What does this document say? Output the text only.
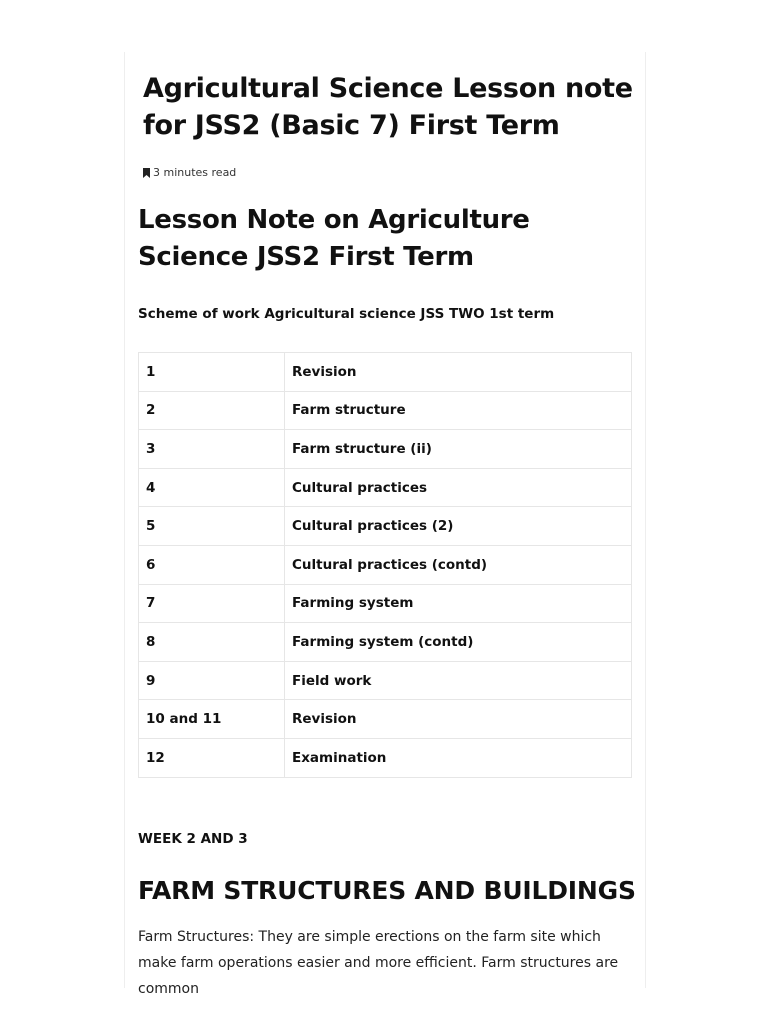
Agricultural Science Lesson note for JSS2 (Basic 7) First Term
3 minutes read
Lesson Note on Agriculture Science JSS2 First Term

Scheme of work Agricultural science JSS TWO 1st term

1	Revision
2	Farm structure
3	Farm structure (ii)
4	Cultural practices
5	Cultural practices (2)
6	Cultural practices (contd)
7	Farming system
8	Farming system (contd)
9	Field work
10 and 11	Revision
12	Examination

WEEK 2 AND 3

FARM STRUCTURES AND BUILDINGS

Farm Structures: They are simple erections on the farm site which make farm operations easier and more efficient. Farm structures are common
